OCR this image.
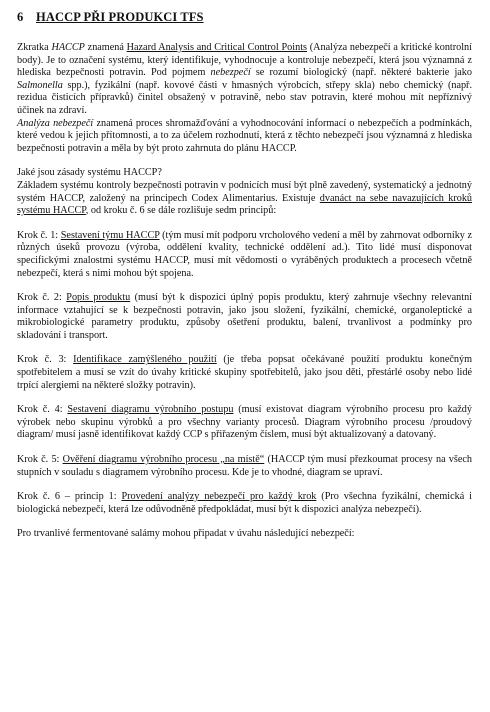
6 HACCP PŘI PRODUKCI TFS

Zkratka HACCP znamená Hazard Analysis and Critical Control Points (Analýza nebezpečí a kritické kontrolní body). Je to označení systému, který identifikuje, vyhodnocuje a kontroluje nebezpečí, která jsou významná z hlediska bezpečnosti potravin. Pod pojmem nebezpečí se rozumí biologický (např. některé bakterie jako Salmonella spp.), fyzikální (např. kovové části v hmasných výrobcích, střepy skla) nebo chemický (např. rezidua čisticích přípravků) činitel obsažený v potravině, nebo stav potravin, které mohou mít nepříznivý účinek na zdraví.

Analýza nebezpečí znamená proces shromažďování a vyhodnocování informací o nebezpečích a podmínkách, které vedou k jejich přítomnosti, a to za účelem rozhodnutí, která z těchto nebezpečí jsou významná z hlediska bezpečnosti potravin a měla by být proto zahrnuta do plánu HACCP.

Jaké jsou zásady systému HACCP?

Základem systému kontroly bezpečnosti potravin v podnicích musí být plně zavedený, systematický a jednotný systém HACCP, založený na principech Codex Alimentarius. Existuje dvanáct na sebe navazujících kroků systému HACCP, od kroku č. 6 se dále rozlišuje sedm principů:

Krok č. 1: Sestavení týmu HACCP (tým musí mít podporu vrcholového vedení a měl by zahrnovat odborníky z různých úseků provozu (výroba, oddělení kvality, technické oddělení ad.). Tito lidé musí disponovat specifickými znalostmi systému HACCP, musí mít vědomosti o vyráběných produktech a procesech včetně nebezpečí, která s nimi mohou být spojena.

Krok č. 2: Popis produktu (musí být k dispozici úplný popis produktu, který zahrnuje všechny relevantní informace vztahující se k bezpečnosti potravin, jako jsou složení, fyzikální, chemické, organoleptické a mikrobiologické parametry produktu, způsoby ošetření produktu, balení, trvanlivost a podmínky pro skladování i transport.

Krok č. 3: Identifikace zamýšleného použití (je třeba popsat očekávané použití produktu konečným spotřebitelem a musí se vzít do úvahy kritické skupiny spotřebitelů, jako jsou děti, přestárlé osoby nebo lidé trpící alergiemi na některé složky potravin).

Krok č. 4: Sestavení diagramu výrobního postupu (musí existovat diagram výrobního procesu pro každý výrobek nebo skupinu výrobků a pro všechny varianty procesů. Diagram výrobního procesu /proudový diagram/ musí jasně identifikovat každý CCP s přiřazeným číslem, musí být aktualizovaný a datovaný.

Krok č. 5: Ověření diagramu výrobního procesu „na místě“ (HACCP tým musí přezkoumat procesy na všech stupních v souladu s diagramem výrobního procesu. Kde je to vhodné, diagram se upraví.

Krok č. 6 – princip 1: Provedení analýzy nebezpečí pro každý krok (Pro všechna fyzikální, chemická i biologická nebezpečí, která lze odůvodněně předpokládat, musí být k dispozici analýza nebezpečí).

Pro trvanlivé fermentované salámy mohou připadat v úvahu následující nebezpečí:
